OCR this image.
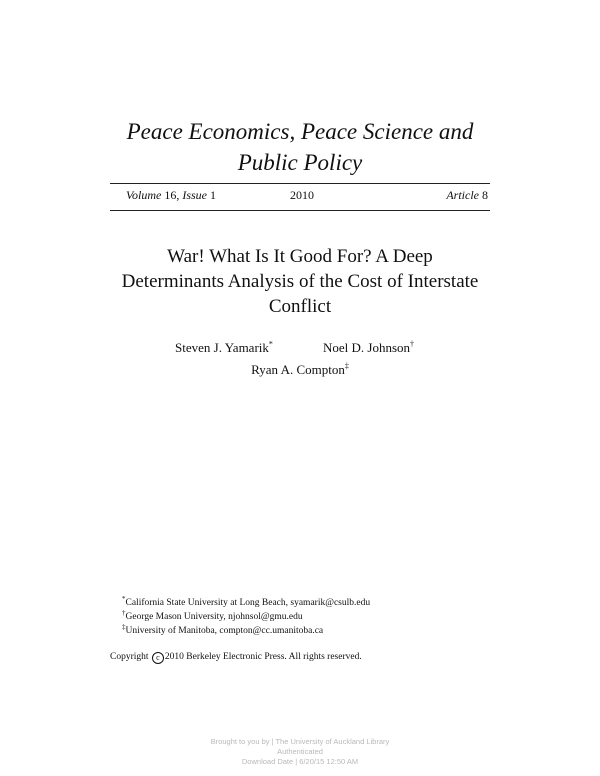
Peace Economics, Peace Science and
Public Policy
Volume 16, Issue 1	2010	Article 8
War! What Is It Good For? A Deep
Determinants Analysis of the Cost of Interstate
Conflict
Steven J. Yamarik*	Noel D. Johnson†
Ryan A. Compton‡
*California State University at Long Beach, syamarik@csulb.edu
†George Mason University, njohnsol@gmu.edu
‡University of Manitoba, compton@cc.umanitoba.ca
Copyright c 2010 Berkeley Electronic Press. All rights reserved.
Brought to you by | The University of Auckland Library
Authenticated
Download Date | 6/20/15 12:50 AM
